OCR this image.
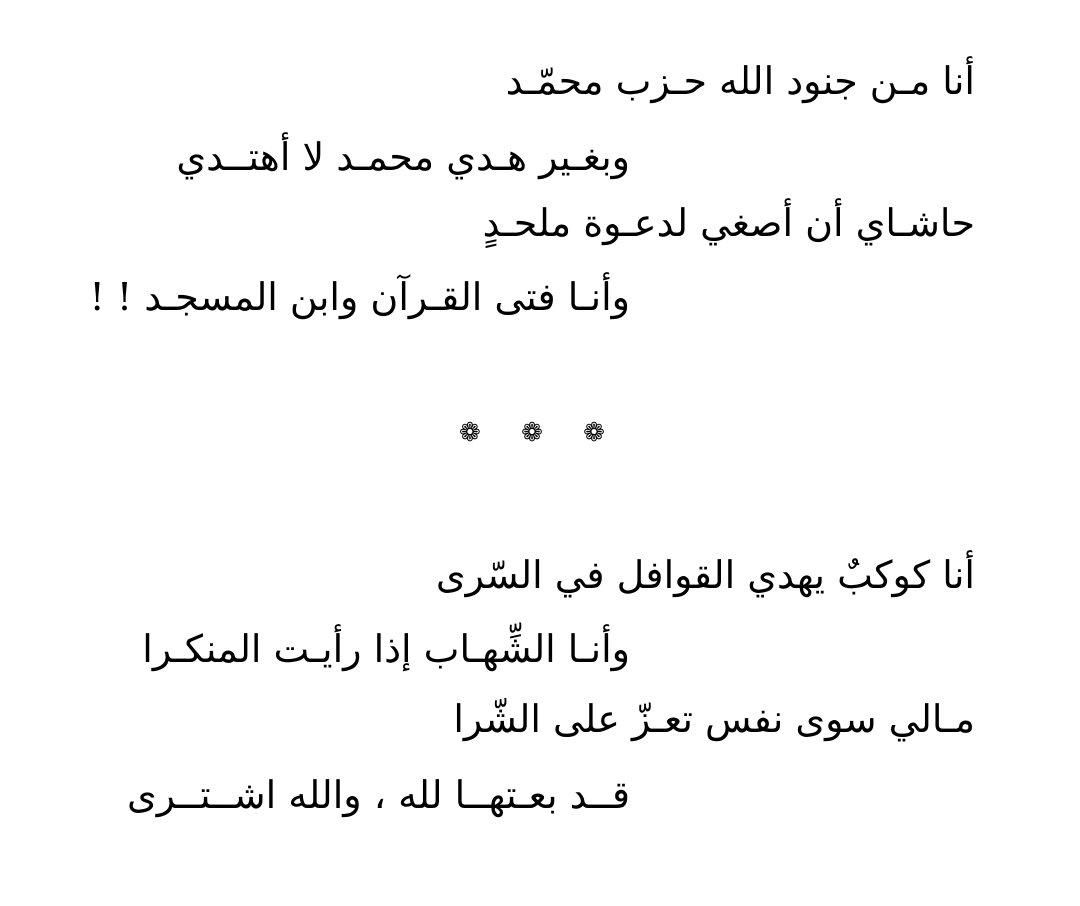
أنا مـن جنود الله حـزب محمّـد
وبغـير هـدي محمـد لا أهتــدي
حاشـاي أن أصغي لدعـوة ملحـدٍ
وأنـا فتى القـرآن وابن المسجـد ! !
❁ ❁ ❁
أنا كوكبٌ يهدي القوافل في السّرى
وأنـا الشِّهـاب إذا رأيـت المنكـرا
مـالي سوى نفس تعـزّ على الشّرا
قــد بعـتهــا لله ، والله اشــتــرى
